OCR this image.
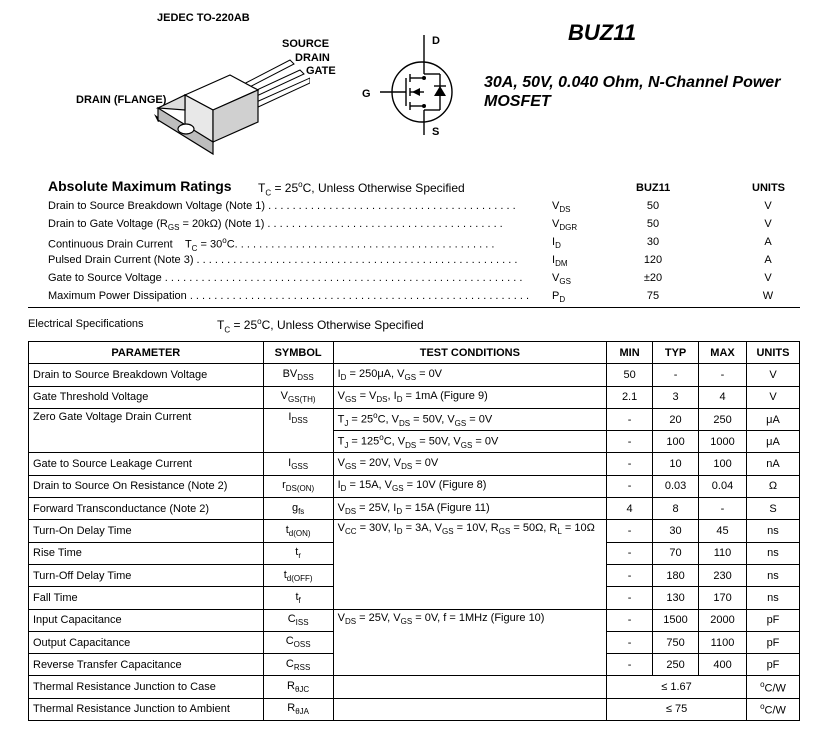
JEDEC TO-220AB
SOURCE
DRAIN
GATE
DRAIN (FLANGE)
D
G
S
BUZ11
30A, 50V, 0.040 Ohm, N-Channel Power
MOSFET
Absolute Maximum Ratings $T_C = 25^oC$, Unless Otherwise Specified	BUZ11	UNITS
Drain to Source Breakdown Voltage (Note 1) . . . . . . . . . . . . . . . . . . . . . . . . . . . . . . . . . . . . . . . . .	$V_{DS}$	50	V
Drain to Gate Voltage $(R_{GS} = 20k\Omega)$ (Note 1) . . . . . . . . . . . . . . . . . . . . . . . . . . . . . . . . . . . . . . .	$V_{DGR}$	50	V
Continuous Drain Current    $T_C = 30^oC$. . . . . . . . . . . . . . . . . . . . . . . . . . . . . . . . . . . . . . . . . . .	$I_D$	30	A
Pulsed Drain Current (Note 3) . . . . . . . . . . . . . . . . . . . . . . . . . . . . . . . . . . . . . . . . . . . . . . . . . . . . .	$I_{DM}$	120	A
Gate to Source Voltage . . . . . . . . . . . . . . . . . . . . . . . . . . . . . . . . . . . . . . . . . . . . . . . . . . . . . . . . . . .	$V_{GS}$	±20	V
Maximum Power Dissipation . . . . . . . . . . . . . . . . . . . . . . . . . . . . . . . . . . . . . . . . . . . . . . . . . . . . . . . .	$P_D$	75	W
Electrical Specifications	$T_C = 25^oC$, Unless Otherwise Specified
PARAMETER	SYMBOL	TEST CONDITIONS	MIN	TYP	MAX	UNITS
Drain to Source Breakdown Voltage	$BV_{DSS}$	$I_D = 250\mu A$, $V_{GS} = 0V$	50	-	-	V
Gate Threshold Voltage	$V_{GS(TH)}$	$V_{GS} = V_{DS}$, $I_D = 1mA$ (Figure 9)	2.1	3	4	V
Zero Gate Voltage Drain Current	$I_{DSS}$	$T_J = 25^oC$, $V_{DS} = 50V$, $V_{GS} = 0V$	-	20	250	μA
		$T_J = 125^oC$, $V_{DS} = 50V$, $V_{GS} = 0V$	-	100	1000	μA
Gate to Source Leakage Current	$I_{GSS}$	$V_{GS} = 20V$, $V_{DS} = 0V$	-	10	100	nA
Drain to Source On Resistance (Note 2)	$r_{DS(ON)}$	$I_D = 15A$, $V_{GS} = 10V$ (Figure 8)	-	0.03	0.04	Ω
Forward Transconductance (Note 2)	$g_{fs}$	$V_{DS} = 25V$, $I_D = 15A$ (Figure 11)	4	8	-	S
Turn-On Delay Time	$t_{d(ON)}$	$V_{CC} = 30V$, $I_D = 3A$, $V_{GS} = 10V$, $R_{GS} = 50\Omega$, $R_L = 10\Omega$	-	30	45	ns
Rise Time	$t_r$		-	70	110	ns
Turn-Off Delay Time	$t_{d(OFF)}$		-	180	230	ns
Fall Time	$t_f$		-	130	170	ns
Input Capacitance	$C_{ISS}$	$V_{DS} = 25V$, $V_{GS} = 0V$, f = 1MHz (Figure 10)	-	1500	2000	pF
Output Capacitance	$C_{OSS}$		-	750	1100	pF
Reverse Transfer Capacitance	$C_{RSS}$		-	250	400	pF
Thermal Resistance Junction to Case	$R_{\theta JC}$		≤ 1.67			$^o$C/W
Thermal Resistance Junction to Ambient	$R_{\theta JA}$		≤ 75			$^o$C/W
